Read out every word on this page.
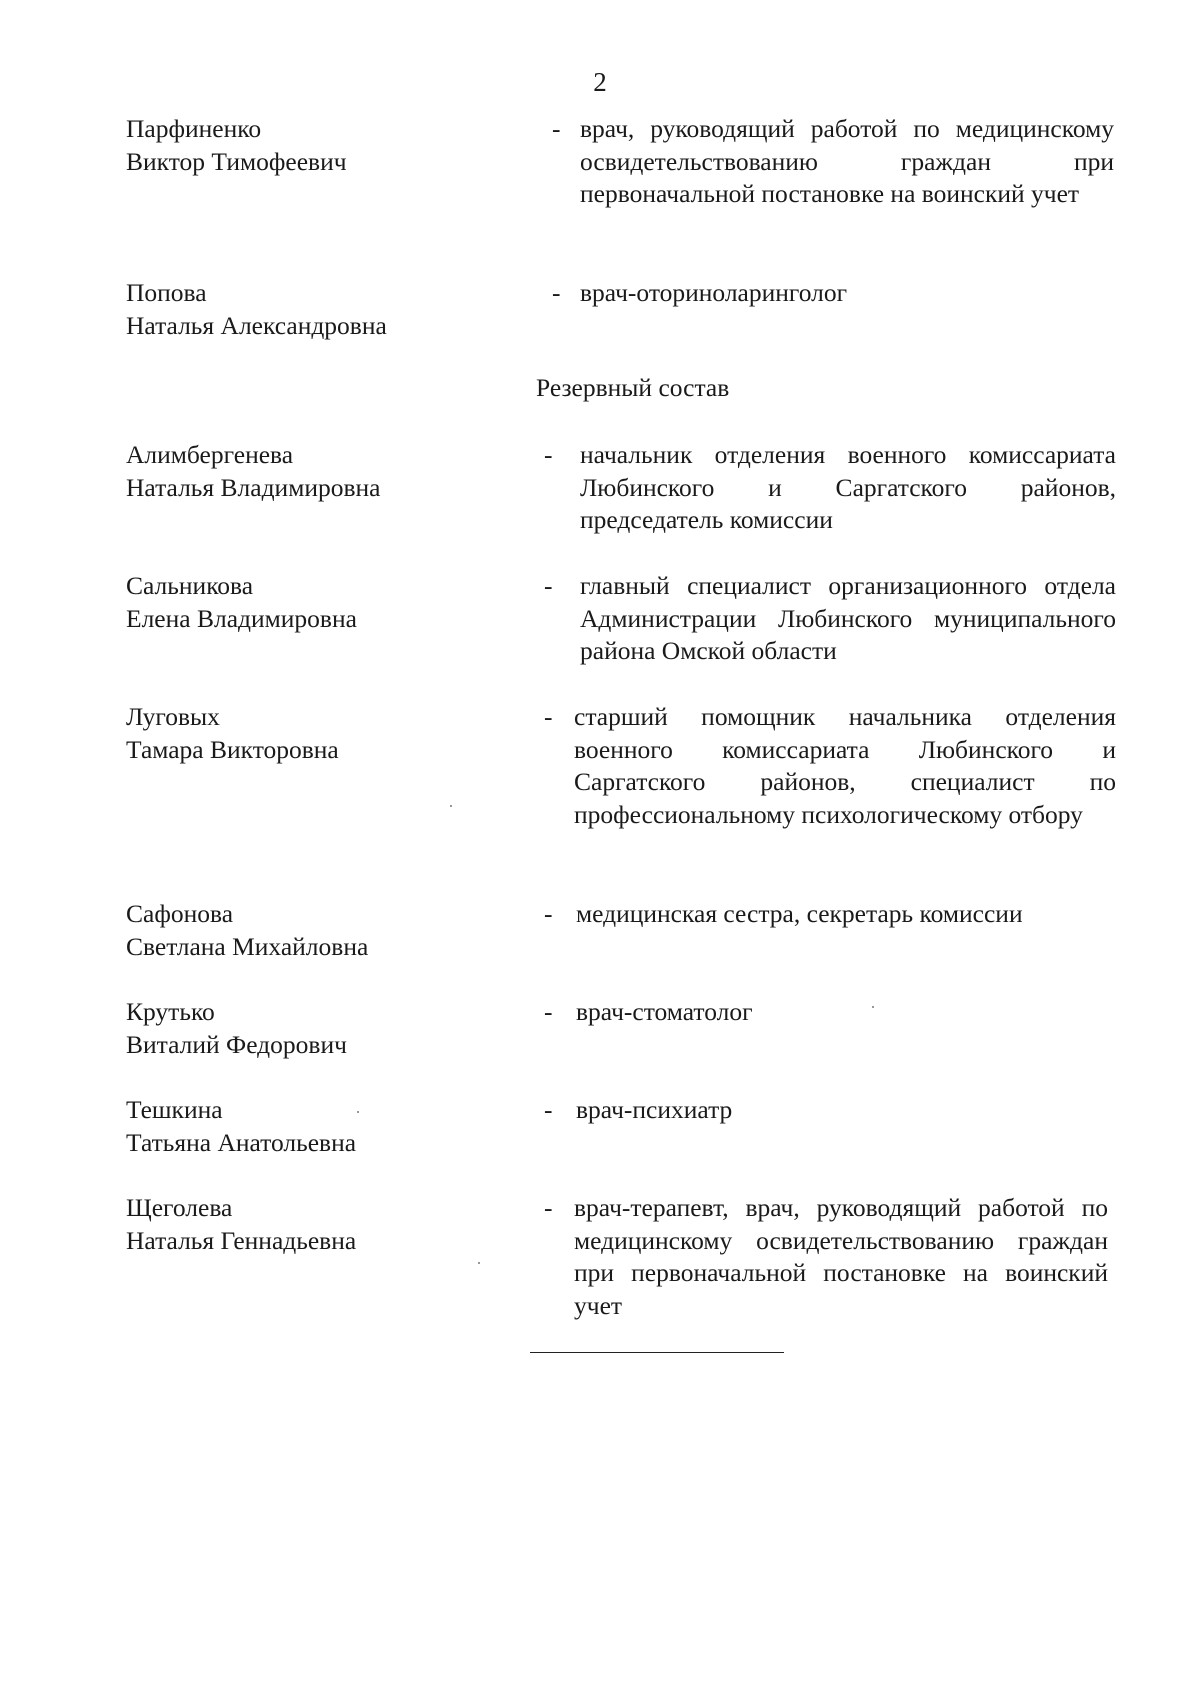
2
Парфиненко
Виктор Тимофеевич
- врач, руководящий работой по медицинскому освидетельствованию граждан при первоначальной постановке на воинский учет
Попова
Наталья Александровна
- врач-оториноларинголог
Резервный состав
Алимбергенева
Наталья Владимировна
- начальник отделения военного комиссариата Любинского и Саргатского районов, председатель комиссии
Сальникова
Елена Владимировна
- главный специалист организационного отдела Администрации Любинского муниципального района Омской области
Луговых
Тамара Викторовна
- старший помощник начальника отделения военного комиссариата Любинского и Саргатского районов, специалист по профессиональному психологическому отбору
Сафонова
Светлана Михайловна
- медицинская сестра, секретарь комиссии
Крутько
Виталий Федорович
- врач-стоматолог
Тешкина
Татьяна Анатольевна
- врач-психиатр
Щеголева
Наталья Геннадьевна
- врач-терапевт, врач, руководящий работой по медицинскому освидетельствованию граждан при первоначальной постановке на воинский учет
